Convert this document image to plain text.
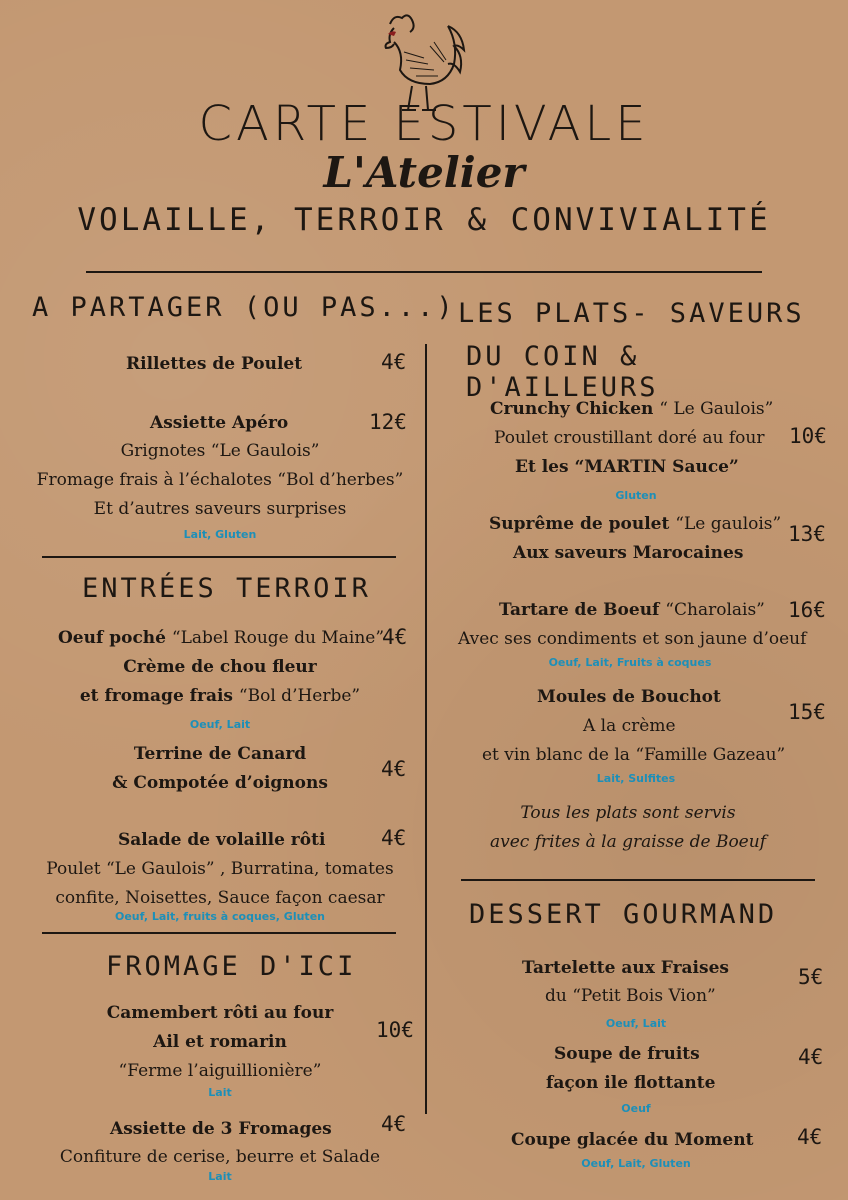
CARTE ESTIVALE
L'Atelier
VOLAILLE, TERROIR & CONVIVIALITÉ
A PARTAGER (OU PAS...)
Rillettes de Poulet	4€
Assiette Apéro	12€
Grignotes “Le Gaulois”
Fromage frais à l’échalotes “Bol d’herbes”
Et d’autres saveurs surprises
Lait, Gluten
ENTRÉES TERROIR
Oeuf poché “Label Rouge du Maine”
4€
Crème de chou fleur
et fromage frais “Bol d’Herbe”
Oeuf, Lait
Terrine de Canard
& Compotée d’oignons
4€
Salade de volaille rôti	4€
Poulet “Le Gaulois” , Burratina, tomates
confite, Noisettes, Sauce façon caesar
Oeuf, Lait, fruits à coques, Gluten
FROMAGE D'ICI
Camembert rôti au four
Ail et romarin
“Ferme l’aiguillionière”
10€
Lait
Assiette de 3 Fromages 4€
Confiture de cerise, beurre et Salade
Lait
LES PLATS- SAVEURS
DU COIN & D'AILLEURS
Crunchy Chicken “ Le Gaulois”
Poulet croustillant doré au four
Et les “MARTIN Sauce”
10€
Gluten
Suprême de poulet “Le gaulois”
Aux saveurs Marocaines
13€
Tartare de Boeuf “Charolais” 16€
Avec ses condiments et son jaune d’oeuf
Oeuf, Lait, Fruits à coques
Moules de Bouchot
A la crème
et vin blanc de la “Famille Gazeau”
15€
Lait, Sulfites
Tous les plats sont servis
avec frites à la graisse de Boeuf
DESSERT GOURMAND
Tartelette aux Fraises
du “Petit Bois Vion”
5€
Oeuf, Lait
Soupe de fruits
façon ile flottante
4€
Oeuf
Coupe glacée du Moment 4€
Oeuf, Lait, Gluten
